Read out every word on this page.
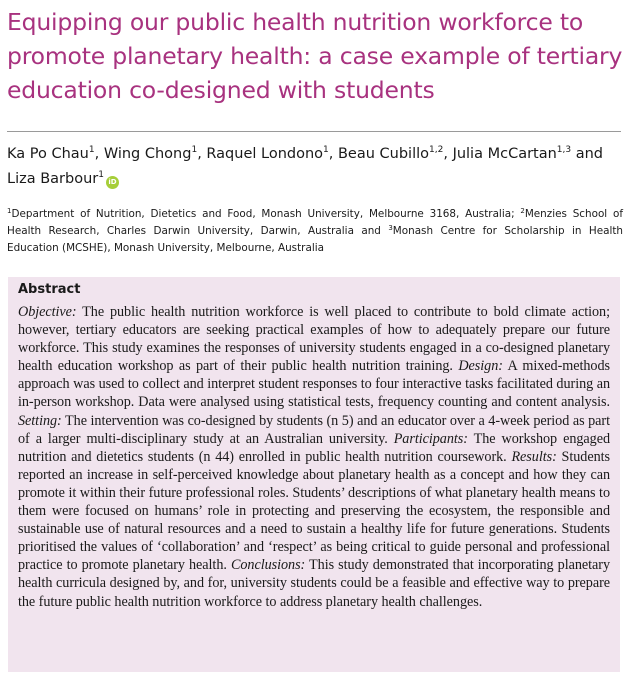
Equipping our public health nutrition workforce to promote planetary health: a case example of tertiary education co-designed with students
Ka Po Chau$^1$, Wing Chong$^1$, Raquel Londono$^1$, Beau Cubillo$^{1,2}$, Julia McCartan$^{1,3}$ and
Liza Barbour$^1$iD
$^1$Department of Nutrition, Dietetics and Food, Monash University, Melbourne 3168, Australia; $^2$Menzies School of Health Research, Charles Darwin University, Darwin, Australia and $^3$Monash Centre for Scholarship in Health Education (MCSHE), Monash University, Melbourne, Australia
Abstract

Objective: The public health nutrition workforce is well placed to contribute to bold climate action; however, tertiary educators are seeking practical examples of how to adequately prepare our future workforce. This study examines the responses of university students engaged in a co-designed planetary health education workshop as part of their public health nutrition training. Design: A mixed-methods approach was used to collect and interpret student responses to four interactive tasks facilitated during an in-person workshop. Data were analysed using statistical tests, frequency counting and content analysis. Setting: The intervention was co-designed by students (n 5) and an educator over a 4-week period as part of a larger multi-disciplinary study at an Australian university. Participants: The workshop engaged nutrition and dietetics students (n 44) enrolled in public health nutrition coursework. Results: Students reported an increase in self-perceived knowledge about planetary health as a concept and how they can promote it within their future professional roles. Students’ descriptions of what planetary health means to them were focused on humans’ role in protecting and preserving the ecosystem, the responsible and sustainable use of natural resources and a need to sustain a healthy life for future generations. Students prioritised the values of ‘collaboration’ and ‘respect’ as being critical to guide personal and professional practice to promote planetary health. Conclusions: This study demonstrated that incorporating planetary health curricula designed by, and for, university students could be a feasible and effective way to prepare the future public health nutrition workforce to address planetary health challenges.
